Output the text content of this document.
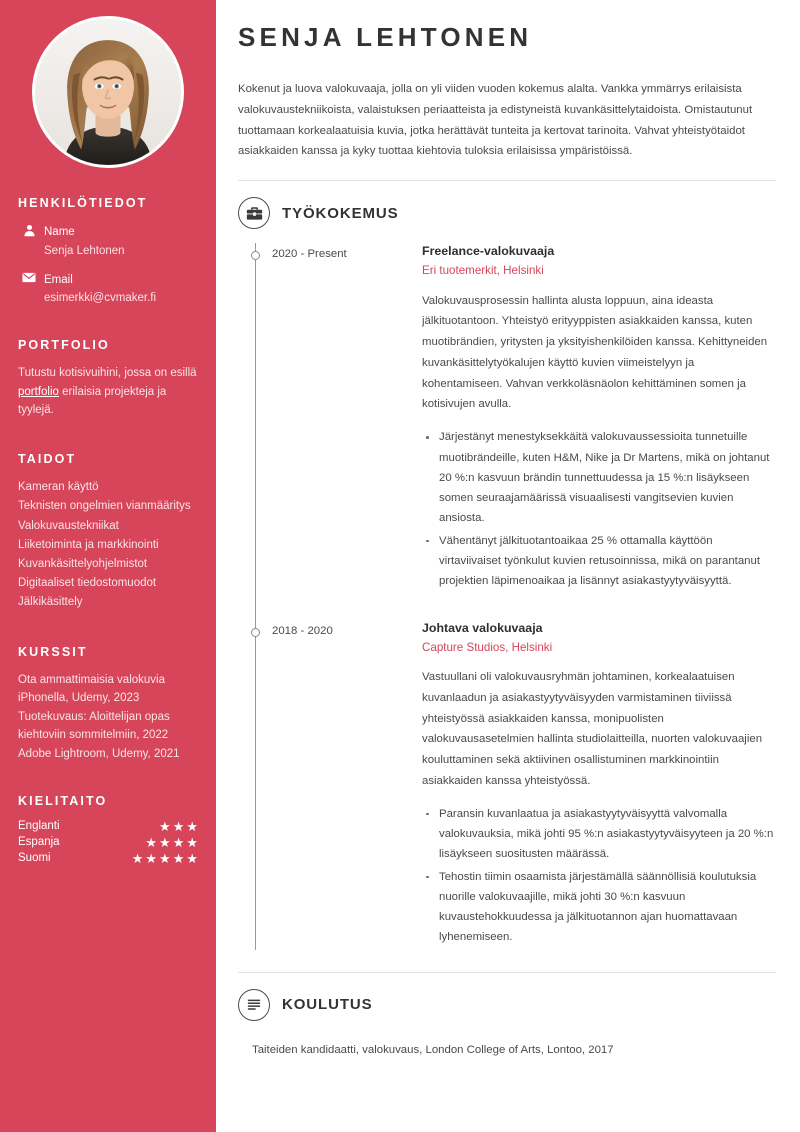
HENKILÖTIEDOT
Name
Senja Lehtonen
Email
esimerkki@cvmaker.fi
PORTFOLIO

Tutustu kotisivuihini, jossa on esillä portfolio erilaisia projekteja ja tyylejä.

TAIDOT
Kameran käyttö
Teknisten ongelmien vianmääritys
Valokuvaustekniikat
Liiketoiminta ja markkinointi
Kuvankäsittelyohjelmistot
Digitaaliset tiedostomuodot
Jälkikäsittely
KURSSIT
Ota ammattimaisia valokuvia iPhonella, Udemy, 2023
Tuotekuvaus: Aloittelijan opas kiehtoviin sommitelmiin, 2022
Adobe Lightroom, Udemy, 2021
KIELITAITO
Englanti	★ ★ ★
Espanja	★ ★ ★ ★
Suomi	★ ★ ★ ★ ★
SENJA LEHTONEN

Kokenut ja luova valokuvaaja, jolla on yli viiden vuoden kokemus alalta. Vankka ymmärrys erilaisista valokuvaustekniikoista, valaistuksen periaatteista ja edistyneistä kuvankäsittelytaidoista. Omistautunut tuottamaan korkealaatuisia kuvia, jotka herättävät tunteita ja kertovat tarinoita. Vahvat yhteistyötaidot asiakkaiden kanssa ja kyky tuottaa kiehtovia tuloksia erilaisissa ympäristöissä.

TYÖKOKEMUS
2020 - Present	Freelance-valokuvaaja
Eri tuotemerkit, Helsinki

Valokuvausprosessin hallinta alusta loppuun, aina ideasta jälkituotantoon. Yhteistyö erityyppisten asiakkaiden kanssa, kuten muotibrändien, yritysten ja yksityishenkilöiden kanssa. Kehittyneiden kuvankäsittelytyökalujen käyttö kuvien viimeistelyyn ja kohentamiseen. Vahvan verkkoläsnäolon kehittäminen somen ja kotisivujen avulla.

Järjestänyt menestyksekkäitä valokuvaussessioita tunnetuille muotibrändeille, kuten H&M, Nike ja Dr Martens, mikä on johtanut 20 %:n kasvuun brändin tunnettuudessa ja 15 %:n lisäykseen somen seuraajamäärissä visuaalisesti vangitsevien kuvien ansiosta.
Vähentänyt jälkituotantoaikaa 25 % ottamalla käyttöön virtaviivaiset työnkulut kuvien retusoinnissa, mikä on parantanut projektien läpimenoaikaa ja lisännyt asiakastyytyväisyyttä.
2018 - 2020	Johtava valokuvaaja
Capture Studios, Helsinki

Vastuullani oli valokuvausryhmän johtaminen, korkealaatuisen kuvanlaadun ja asiakastyytyväisyyden varmistaminen tiiviissä yhteistyössä asiakkaiden kanssa, monipuolisten valokuvausasetelmien hallinta studiolaitteilla, nuorten valokuvaajien kouluttaminen sekä aktiivinen osallistuminen markkinointiin asiakkaiden kanssa yhteistyössä.

Paransin kuvanlaatua ja asiakastyytyväisyyttä valvomalla valokuvauksia, mikä johti 95 %:n asiakastyytyväisyyteen ja 20 %:n lisäykseen suositusten määrässä.
Tehostin tiimin osaamista järjestämällä säännöllisiä koulutuksia nuorille valokuvaajille, mikä johti 30 %:n kasvuun kuvaustehokkuudessa ja jälkituotannon ajan huomattavaan lyhenemiseen.
KOULUTUS
Taiteiden kandidaatti, valokuvaus, London College of Arts, Lontoo, 2017
